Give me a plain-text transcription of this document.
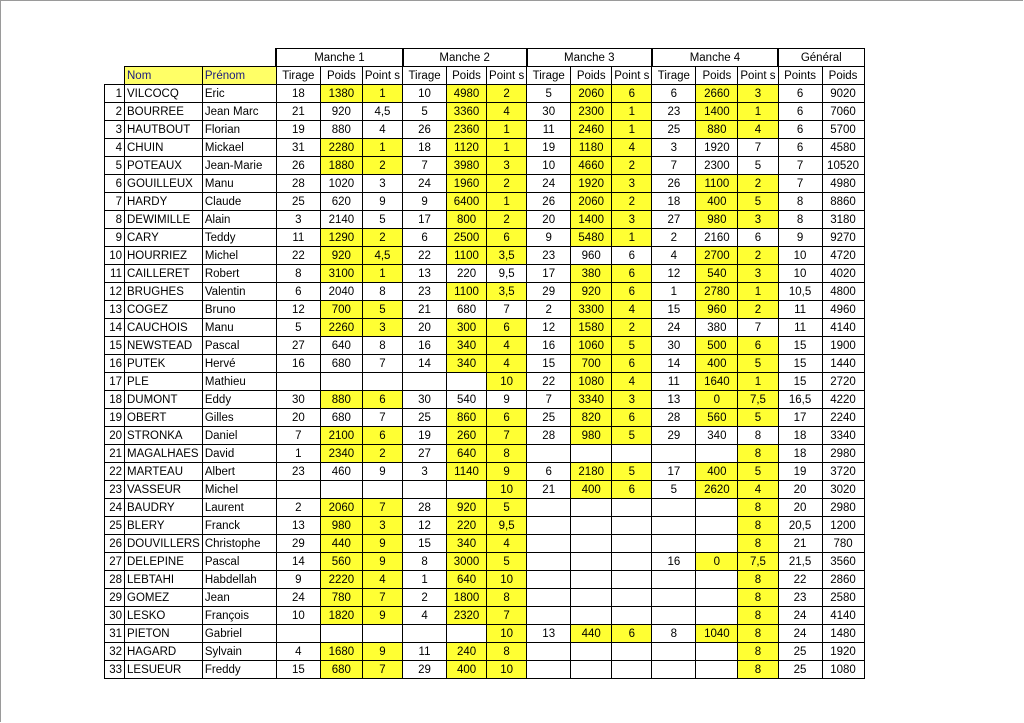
			Manche 1			Manche 2			Manche 3			Manche 4			Général	
	Nom	Prénom	Tirage	Poids	Point s	Tirage	Poids	Point s	Tirage	Poids	Point s	Tirage	Poids	Point s	Points	Poids
1	VILCOCQ	Eric	18	1380	1	10	4980	2	5	2060	6	6	2660	3	6	9020
2	BOURREE	Jean Marc	21	920	4,5	5	3360	4	30	2300	1	23	1400	1	6	7060
3	HAUTBOUT	Florian	19	880	4	26	2360	1	11	2460	1	25	880	4	6	5700
4	CHUIN	Mickael	31	2280	1	18	1120	1	19	1180	4	3	1920	7	6	4580
5	POTEAUX	Jean-Marie	26	1880	2	7	3980	3	10	4660	2	7	2300	5	7	10520
6	GOUILLEUX	Manu	28	1020	3	24	1960	2	24	1920	3	26	1100	2	7	4980
7	HARDY	Claude	25	620	9	9	6400	1	26	2060	2	18	400	5	8	8860
8	DEWIMILLE	Alain	3	2140	5	17	800	2	20	1400	3	27	980	3	8	3180
9	CARY	Teddy	11	1290	2	6	2500	6	9	5480	1	2	2160	6	9	9270
10	HOURRIEZ	Michel	22	920	4,5	22	1100	3,5	23	960	6	4	2700	2	10	4720
11	CAILLERET	Robert	8	3100	1	13	220	9,5	17	380	6	12	540	3	10	4020
12	BRUGHES	Valentin	6	2040	8	23	1100	3,5	29	920	6	1	2780	1	10,5	4800
13	COGEZ	Bruno	12	700	5	21	680	7	2	3300	4	15	960	2	11	4960
14	CAUCHOIS	Manu	5	2260	3	20	300	6	12	1580	2	24	380	7	11	4140
15	NEWSTEAD	Pascal	27	640	8	16	340	4	16	1060	5	30	500	6	15	1900
16	PUTEK	Hervé	16	680	7	14	340	4	15	700	6	14	400	5	15	1440
17	PLE	Mathieu						10	22	1080	4	11	1640	1	15	2720
18	DUMONT	Eddy	30	880	6	30	540	9	7	3340	3	13	0	7,5	16,5	4220
19	OBERT	Gilles	20	680	7	25	860	6	25	820	6	28	560	5	17	2240
20	STRONKA	Daniel	7	2100	6	19	260	7	28	980	5	29	340	8	18	3340
21	MAGALHAES	David	1	2340	2	27	640	8						8	18	2980
22	MARTEAU	Albert	23	460	9	3	1140	9	6	2180	5	17	400	5	19	3720
23	VASSEUR	Michel						10	21	400	6	5	2620	4	20	3020
24	BAUDRY	Laurent	2	2060	7	28	920	5						8	20	2980
25	BLERY	Franck	13	980	3	12	220	9,5						8	20,5	1200
26	DOUVILLERS	Christophe	29	440	9	15	340	4						8	21	780
27	DELEPINE	Pascal	14	560	9	8	3000	5				16	0	7,5	21,5	3560
28	LEBTAHI	Habdellah	9	2220	4	1	640	10						8	22	2860
29	GOMEZ	Jean	24	780	7	2	1800	8						8	23	2580
30	LESKO	François	10	1820	9	4	2320	7						8	24	4140
31	PIETON	Gabriel						10	13	440	6	8	1040	8	24	1480
32	HAGARD	Sylvain	4	1680	9	11	240	8						8	25	1920
33	LESUEUR	Freddy	15	680	7	29	400	10						8	25	1080
